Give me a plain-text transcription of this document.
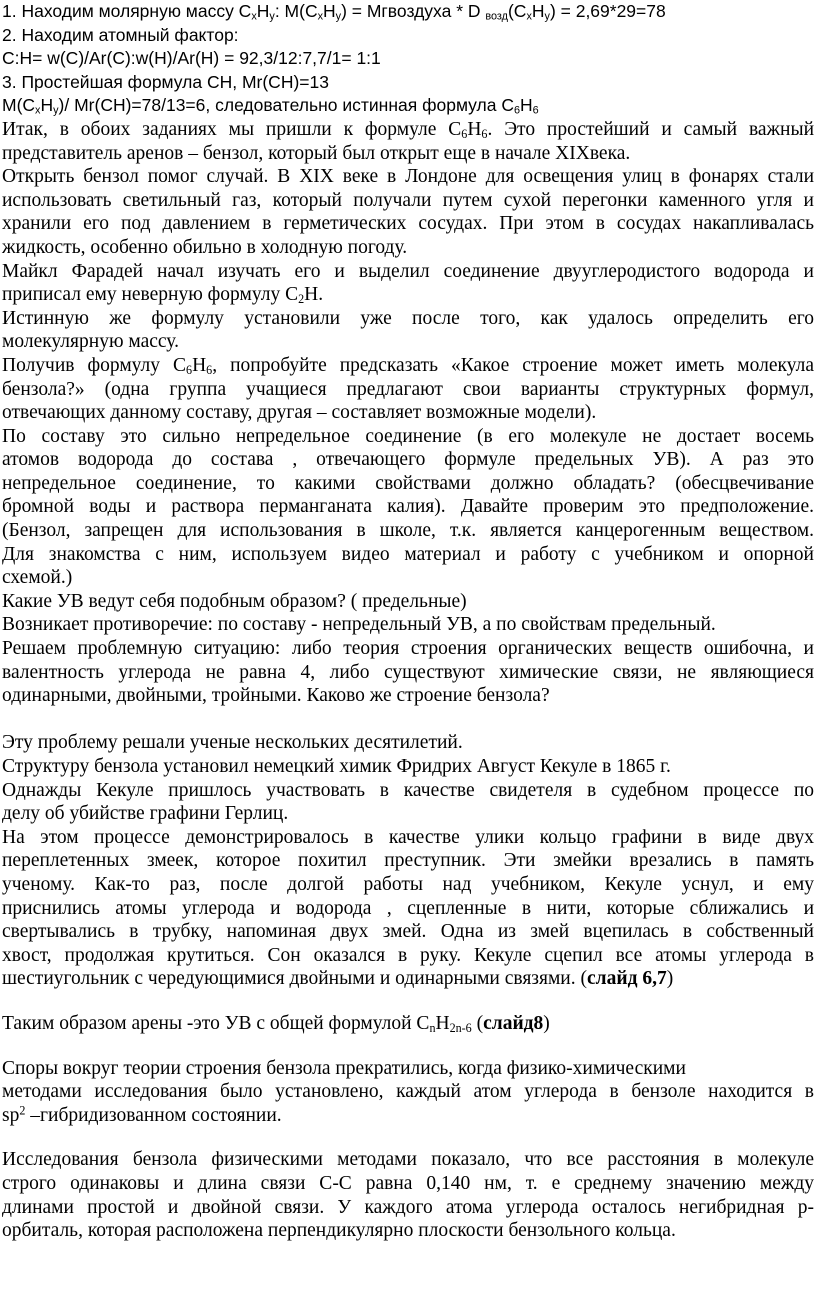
1. Находим молярную массу $C_xH_y$: $M(C_xH_y)$ = Mгвоздуха * D $_{возд}(C_xH_y) = 2,69*29=78$
2. Находим атомный фактор:
C:H= w(C)/Ar(C):w(H)/Ar(H) = 92,3/12:7,7/1= 1:1
3. Простейшая формула CH, Mr(CH)=13
$M(C_xH_y)/$ Mr(CH)=78/13=6, следовательно истинная формула $C_6H_6$
Итак, в обоих заданиях мы пришли к формуле $C_6H_6$. Это простейший и самый важный
представитель аренов – бензол, который был открыт еще в начале XIXвека.
Открыть бензол помог случай. В XIX веке в Лондоне для освещения улиц в фонарях стали
использовать светильный газ, который получали путем сухой перегонки каменного угля и
хранили его под давлением в герметических сосудах. При этом в сосудах накапливалась
жидкость, особенно обильно в холодную погоду.
Майкл Фарадей начал изучать его и выделил соединение двууглеродистого водорода и
приписал ему неверную формулу $C_2H$.
Истинную же формулу установили уже после того, как удалось определить его
молекулярную массу.
Получив формулу $C_6H_6$, попробуйте предсказать «Какое строение может иметь молекула
бензола?» (одна группа учащиеся предлагают свои варианты структурных формул,
отвечающих данному составу, другая – составляет возможные модели).
По составу это сильно непредельное соединение (в его молекуле не достает восемь
атомов водорода до состава , отвечающего формуле предельных УВ). А раз это
непредельное соединение, то какими свойствами должно обладать? (обесцвечивание
бромной воды и раствора перманганата калия). Давайте проверим это предположение.
(Бензол, запрещен для использования в школе, т.к. является канцерогенным веществом.
Для знакомства с ним, используем видео материал и работу с учебником и опорной
схемой.)
Какие УВ ведут себя подобным образом? ( предельные)
Возникает противоречие: по составу - непредельный УВ, а по свойствам предельный.
Решаем проблемную ситуацию: либо теория строения органических веществ ошибочна, и
валентность углерода не равна 4, либо существуют химические связи, не являющиеся
одинарными, двойными, тройными. Каково же строение бензола?
Эту проблему решали ученые нескольких десятилетий.
Структуру бензола установил немецкий химик Фридрих Август Кекуле в 1865 г.
Однажды Кекуле пришлось участвовать в качестве свидетеля в судебном процессе по
делу об убийстве графини Герлиц.
На этом процессе демонстрировалось в качестве улики кольцо графини в виде двух
переплетенных змеек, которое похитил преступник. Эти змейки врезались в память
ученому. Как-то раз, после долгой работы над учебником, Кекуле уснул, и ему
приснились атомы углерода и водорода , сцепленные в нити, которые сближались и
свертывались в трубку, напоминая двух змей. Одна из змей вцепилась в собственный
хвост, продолжая крутиться. Сон оказался в руку. Кекуле сцепил все атомы углерода в
шестиугольник с чередующимися двойными и одинарными связями. (слайд 6,7)
Таким образом арены -это УВ с общей формулой $C_nH_{2n-6}$ (слайд8)
Споры вокруг теории строения бензола прекратились, когда физико-химическими
методами исследования было установлено, каждый атом углерода в бензоле находится в
$sp^2$ –гибридизованном состоянии.
Исследования бензола физическими методами показало, что все расстояния в молекуле
строго одинаковы и длина связи С-С равна 0,140 нм, т. е среднему значению между
длинами простой и двойной связи. У каждого атома углерода осталось негибридная р-
орбиталь, которая расположена перпендикулярно плоскости бензольного кольца.
